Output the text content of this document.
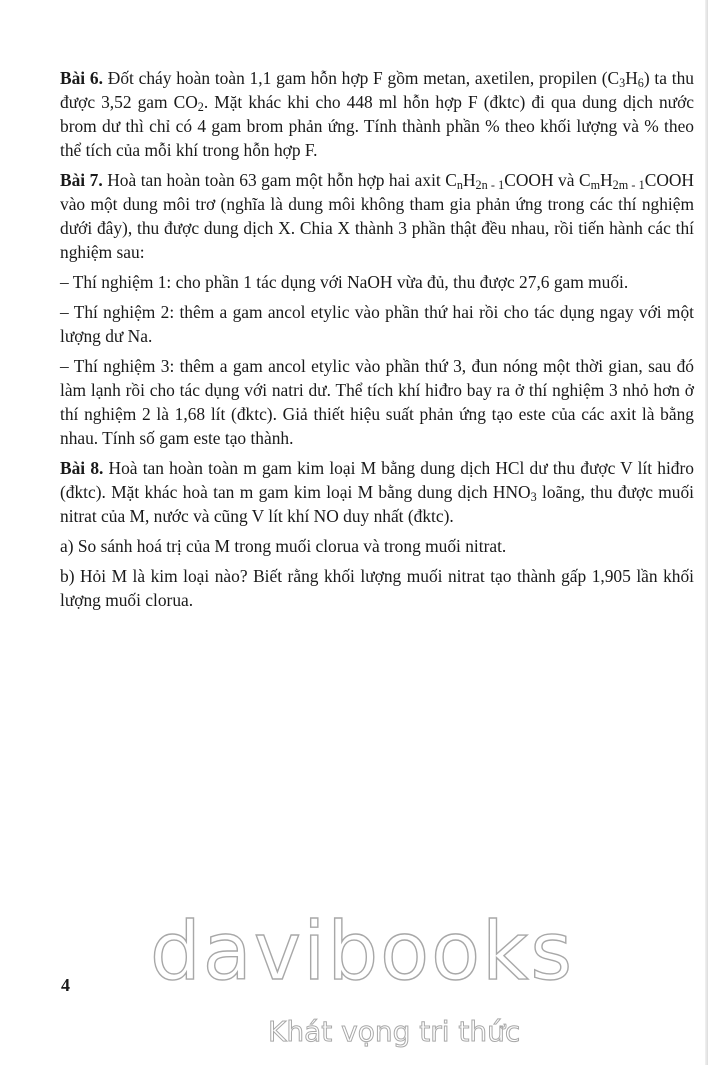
Bài 6. Đốt cháy hoàn toàn 1,1 gam hỗn hợp F gồm metan, axetilen, propilen $(C_3H_6)$ ta thu được 3,52 gam $CO_2$. Mặt khác khi cho 448 ml hỗn hợp F (đktc) đi qua dung dịch nước brom dư thì chỉ có 4 gam brom phản ứng. Tính thành phần % theo khối lượng và % theo thể tích của mỗi khí trong hỗn hợp F.

Bài 7. Hoà tan hoàn toàn 63 gam một hỗn hợp hai axit $C_nH_{2n - 1}COOH$ và $C_mH_{2m - 1}COOH$ vào một dung môi trơ (nghĩa là dung môi không tham gia phản ứng trong các thí nghiệm dưới đây), thu được dung dịch X. Chia X thành 3 phần thật đều nhau, rồi tiến hành các thí nghiệm sau:

– Thí nghiệm 1: cho phần 1 tác dụng với NaOH vừa đủ, thu được 27,6 gam muối.

– Thí nghiệm 2: thêm a gam ancol etylic vào phần thứ hai rồi cho tác dụng ngay với một lượng dư Na.

– Thí nghiệm 3: thêm a gam ancol etylic vào phần thứ 3, đun nóng một thời gian, sau đó làm lạnh rồi cho tác dụng với natri dư. Thể tích khí hiđro bay ra ở thí nghiệm 3 nhỏ hơn ở thí nghiệm 2 là 1,68 lít (đktc). Giả thiết hiệu suất phản ứng tạo este của các axit là bằng nhau. Tính số gam este tạo thành.

Bài 8. Hoà tan hoàn toàn m gam kim loại M bằng dung dịch HCl dư thu được V lít hiđro (đktc). Mặt khác hoà tan m gam kim loại M bằng dung dịch $HNO_3$ loãng, thu được muối nitrat của M, nước và cũng V lít khí NO duy nhất (đktc).

a) So sánh hoá trị của M trong muối clorua và trong muối nitrat.

b) Hỏi M là kim loại nào? Biết rằng khối lượng muối nitrat tạo thành gấp 1,905 lần khối lượng muối clorua.

davibooks
Khát vọng tri thức
4
